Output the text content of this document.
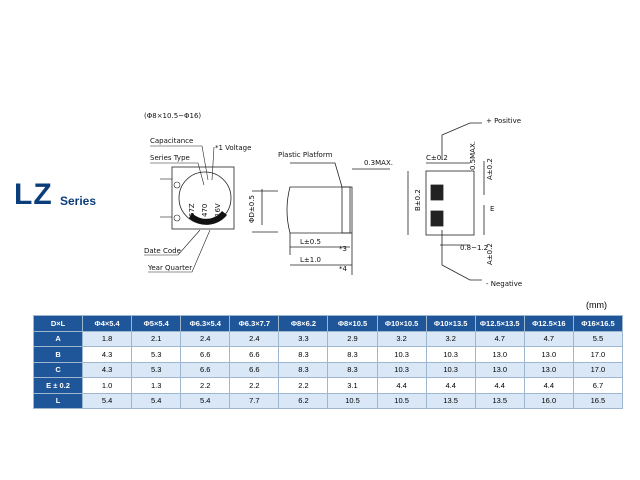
LZ Series
(Φ8×10.5~Φ16)
Capacitance
Series Type
*1 Voltage
Date Code
Year Quarter
67Z 470 16V	ΦD±0.5
Plastic Platform
0.3MAX.
L±0.5
*3
L±1.0
*4
C±0.2
B±0.2
+ Positive
- Negative
0.5MAX. A±0.2
E
A±0.2
0.8~1.2
(mm)
D×L	Φ4×5.4	Φ5×5.4	Φ6.3×5.4	Φ6.3×7.7	Φ8×6.2	Φ8×10.5	Φ10×10.5	Φ10×13.5	Φ12.5×13.5	Φ12.5×16	Φ16×16.5
A	1.8	2.1	2.4	2.4	3.3	2.9	3.2	3.2	4.7	4.7	5.5
B	4.3	5.3	6.6	6.6	8.3	8.3	10.3	10.3	13.0	13.0	17.0
C	4.3	5.3	6.6	6.6	8.3	8.3	10.3	10.3	13.0	13.0	17.0
E ± 0.2	1.0	1.3	2.2	2.2	2.2	3.1	4.4	4.4	4.4	4.4	6.7
L	5.4	5.4	5.4	7.7	6.2	10.5	10.5	13.5	13.5	16.0	16.5
